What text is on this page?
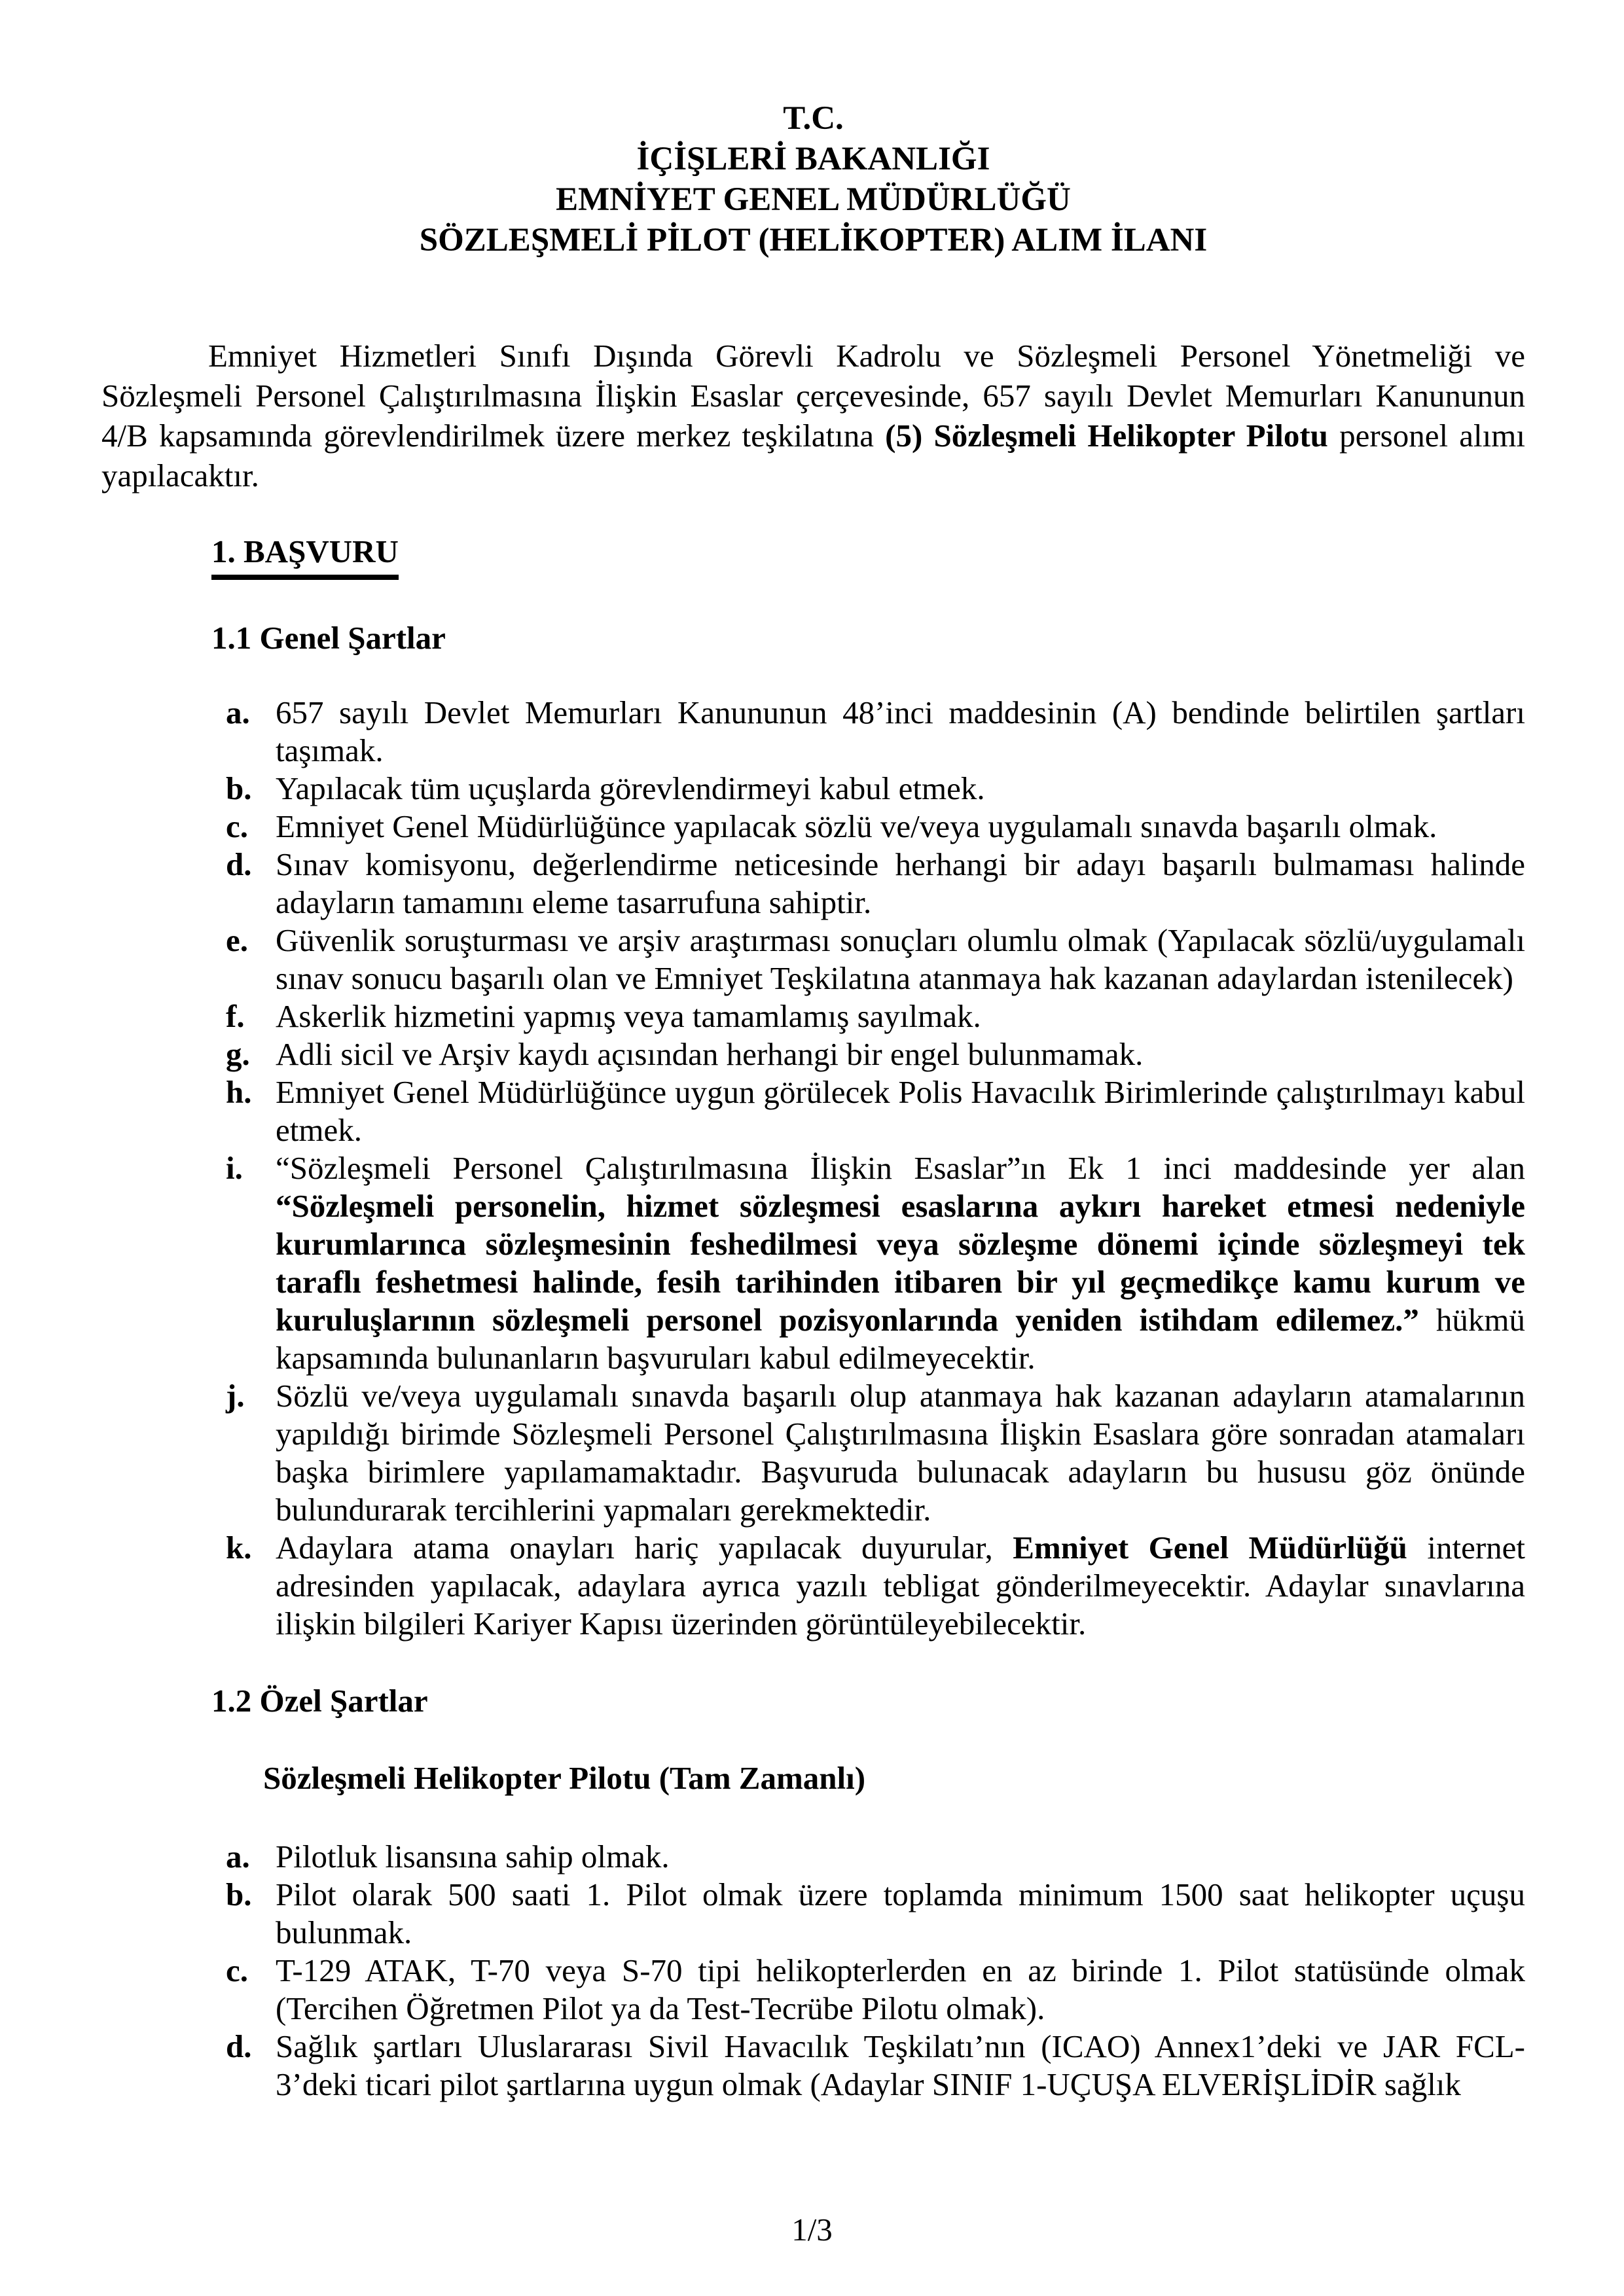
T.C.
İÇİŞLERİ BAKANLIĞI
EMNİYET GENEL MÜDÜRLÜĞÜ
SÖZLEŞMELİ PİLOT (HELİKOPTER) ALIM İLANI

Emniyet Hizmetleri Sınıfı Dışında Görevli Kadrolu ve Sözleşmeli Personel Yönetmeliği ve Sözleşmeli Personel Çalıştırılmasına İlişkin Esaslar çerçevesinde, 657 sayılı Devlet Memurları Kanununun 4/B kapsamında görevlendirilmek üzere merkez teşkilatına (5) Sözleşmeli Helikopter Pilotu personel alımı yapılacaktır.

1. BAŞVURU
1.1 Genel Şartlar
a. 657 sayılı Devlet Memurları Kanununun 48’inci maddesinin (A) bendinde belirtilen şartları taşımak.
b. Yapılacak tüm uçuşlarda görevlendirmeyi kabul etmek.
c. Emniyet Genel Müdürlüğünce yapılacak sözlü ve/veya uygulamalı sınavda başarılı olmak.
d. Sınav komisyonu, değerlendirme neticesinde herhangi bir adayı başarılı bulmaması halinde adayların tamamını eleme tasarrufuna sahiptir.
e. Güvenlik soruşturması ve arşiv araştırması sonuçları olumlu olmak (Yapılacak sözlü/uygulamalı sınav sonucu başarılı olan ve Emniyet Teşkilatına atanmaya hak kazanan adaylardan istenilecek)
f. Askerlik hizmetini yapmış veya tamamlamış sayılmak.
g. Adli sicil ve Arşiv kaydı açısından herhangi bir engel bulunmamak.
h. Emniyet Genel Müdürlüğünce uygun görülecek Polis Havacılık Birimlerinde çalıştırılmayı kabul etmek.
i.	“Sözleşmeli Personel Çalıştırılmasına İlişkin Esaslar”ın Ek 1 inci maddesinde yer alan “Sözleşmeli personelin, hizmet sözleşmesi esaslarına aykırı hareket etmesi nedeniyle kurumlarınca sözleşmesinin feshedilmesi veya sözleşme dönemi içinde sözleşmeyi tek taraflı feshetmesi halinde, fesih tarihinden itibaren bir yıl geçmedikçe kamu kurum ve kuruluşlarının sözleşmeli personel pozisyonlarında yeniden istihdam edilemez.” hükmü kapsamında bulunanların başvuruları kabul edilmeyecektir.
j. Sözlü ve/veya uygulamalı sınavda başarılı olup atanmaya hak kazanan adayların atamalarının yapıldığı birimde Sözleşmeli Personel Çalıştırılmasına İlişkin Esaslara göre sonradan atamaları başka birimlere yapılamamaktadır. Başvuruda bulunacak adayların bu hususu göz önünde bulundurarak tercihlerini yapmaları gerekmektedir.
k. Adaylara atama onayları hariç yapılacak duyurular, Emniyet Genel Müdürlüğü internet adresinden yapılacak, adaylara ayrıca yazılı tebligat gönderilmeyecektir. Adaylar sınavlarına ilişkin bilgileri Kariyer Kapısı üzerinden görüntüleyebilecektir.
1.2 Özel Şartlar
Sözleşmeli Helikopter Pilotu (Tam Zamanlı)
a. Pilotluk lisansına sahip olmak.
b. Pilot olarak 500 saati 1. Pilot olmak üzere toplamda minimum 1500 saat helikopter uçuşu bulunmak.
c. T-129 ATAK, T-70 veya S-70 tipi helikopterlerden en az birinde 1. Pilot statüsünde olmak (Tercihen Öğretmen Pilot ya da Test-Tecrübe Pilotu olmak).
d. Sağlık şartları Uluslararası Sivil Havacılık Teşkilatı’nın (ICAO) Annex1’deki ve JAR FCL-3’deki ticari pilot şartlarına uygun olmak (Adaylar SINIF 1-UÇUŞA ELVERİŞLİDİR sağlık
1/3
